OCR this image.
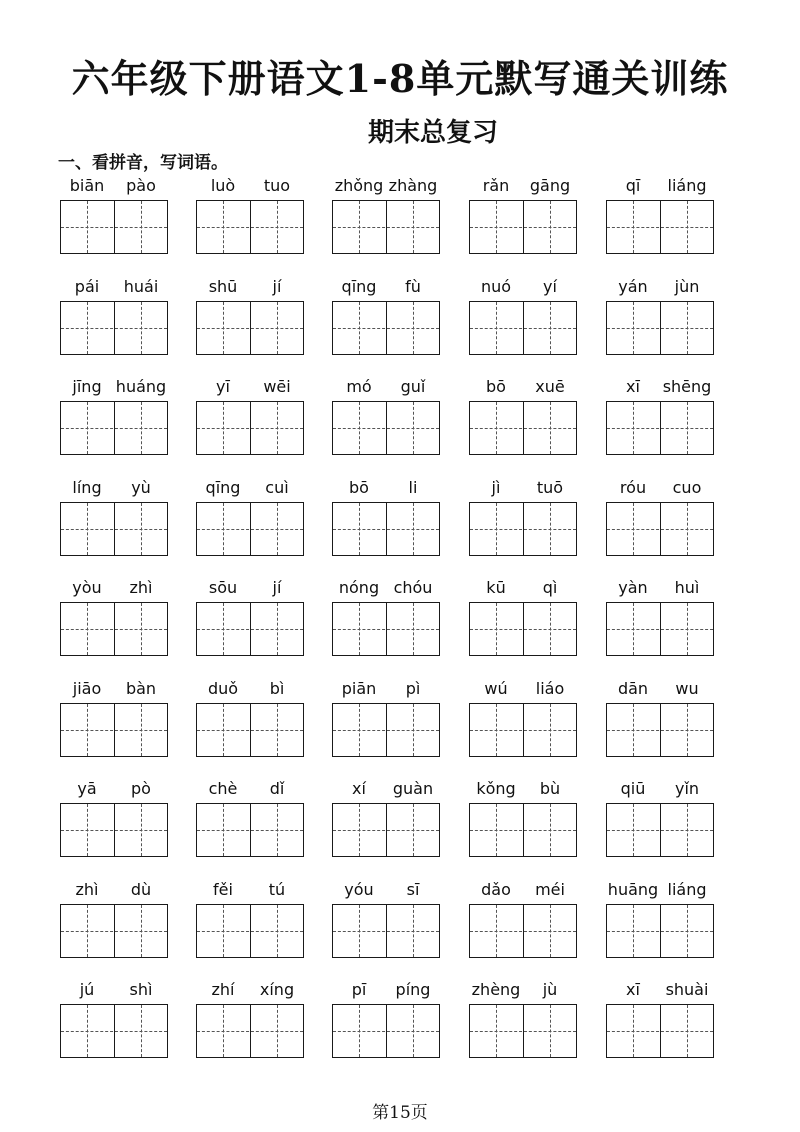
六年级下册语文1-8单元默写通关训练
期末总复习
一、看拼音，写词语。
biān	pào	luò	tuo	zhǒng zhàng	rǎn	gāng	qī	liáng
pái	huái	shū	jí	qīng	fù	nuó	yí	yán	jùn
jīng huáng	yī	wēi	mó	guǐ	bō	xuē	xī	shēng
líng	yù	qīng	cuì	bō	li	jì	tuō	róu	cuo
yòu	zhì	sōu	jí	nóng chóu	kū	qì	yàn	huì
jiāo	bàn	duǒ	bì	piān	pì	wú	liáo	dān	wu
yā	pò	chè	dǐ	xí	guàn	kǒng	bù	qiū	yǐn
zhì	dù	fěi	tú	yóu	sī	dǎo	méi	huāng liáng
jú	shì	zhí	xíng	pī	píng	zhèng	jù	xī	shuài
第15页
